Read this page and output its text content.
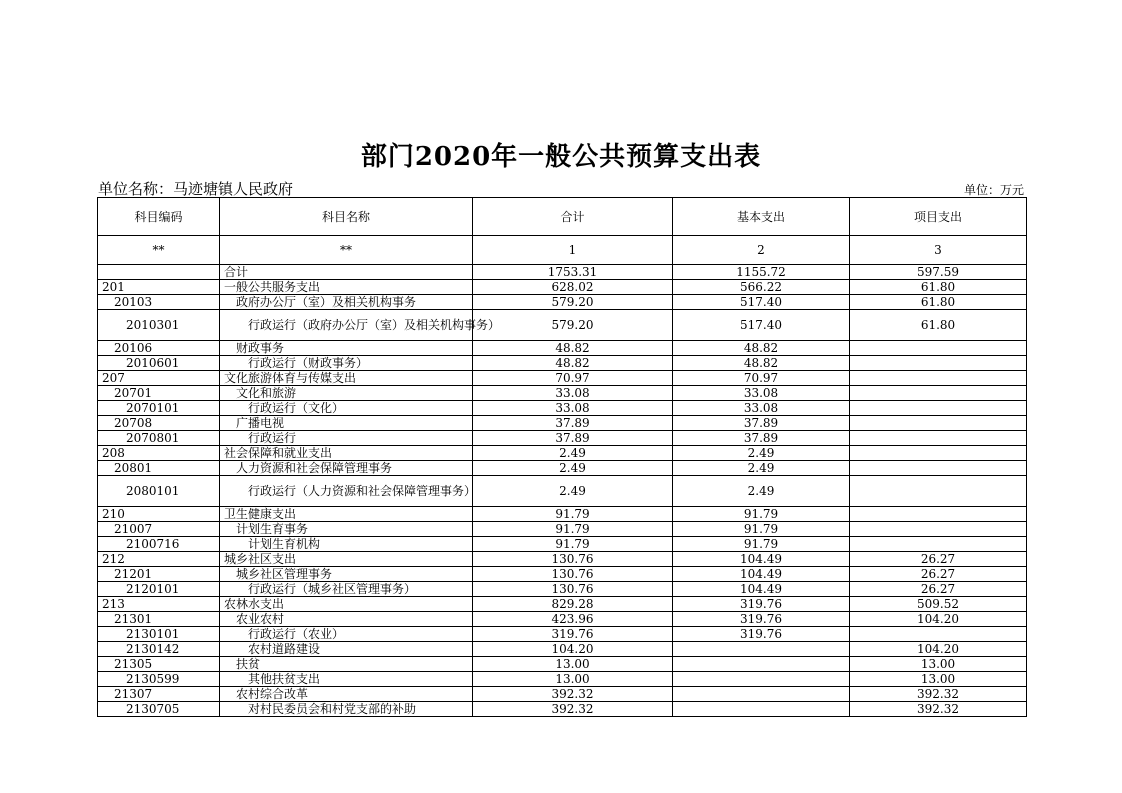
部门2020年一般公共预算支出表
单位名称：马迹塘镇人民政府	单位：万元
科目编码	科目名称	合计	基本支出	项目支出
**	**	1	2	3
	合计	1753.31	1155.72	597.59
201	一般公共服务支出	628.02	566.22	61.80
20103	政府办公厅（室）及相关机构事务	579.20	517.40	61.80
2010301	行政运行（政府办公厅（室）及相关机构事务）	579.20	517.40	61.80
20106	财政事务	48.82	48.82	
2010601	行政运行（财政事务）	48.82	48.82	
207	文化旅游体育与传媒支出	70.97	70.97	
20701	文化和旅游	33.08	33.08	
2070101	行政运行（文化）	33.08	33.08	
20708	广播电视	37.89	37.89	
2070801	行政运行	37.89	37.89	
208	社会保障和就业支出	2.49	2.49	
20801	人力资源和社会保障管理事务	2.49	2.49	
2080101	行政运行（人力资源和社会保障管理事务）	2.49	2.49	
210	卫生健康支出	91.79	91.79	
21007	计划生育事务	91.79	91.79	
2100716	计划生育机构	91.79	91.79	
212	城乡社区支出	130.76	104.49	26.27
21201	城乡社区管理事务	130.76	104.49	26.27
2120101	行政运行（城乡社区管理事务）	130.76	104.49	26.27
213	农林水支出	829.28	319.76	509.52
21301	农业农村	423.96	319.76	104.20
2130101	行政运行（农业）	319.76	319.76	
2130142	农村道路建设	104.20		104.20
21305	扶贫	13.00		13.00
2130599	其他扶贫支出	13.00		13.00
21307	农村综合改革	392.32		392.32
2130705	对村民委员会和村党支部的补助	392.32		392.32
